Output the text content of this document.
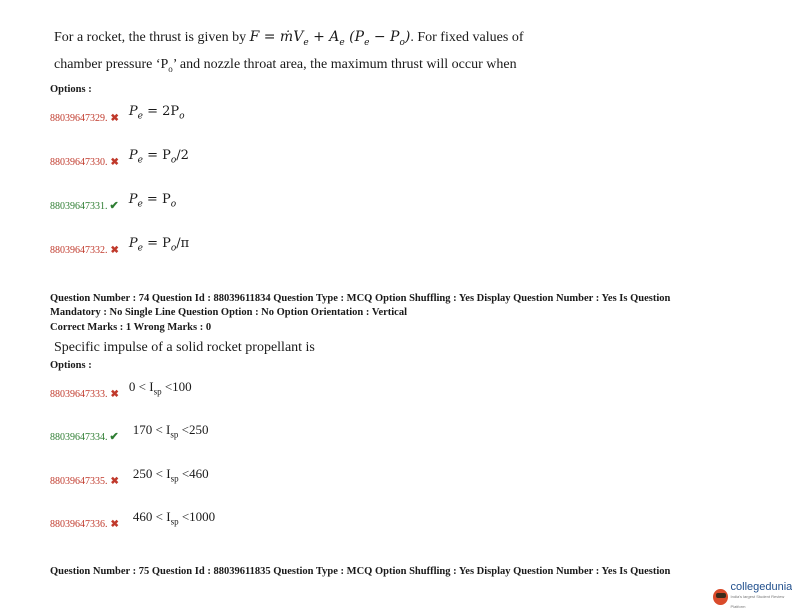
For a rocket, the thrust is given by F = ṁV$_e$ + $A_e$ $(P_e - P_o)$. For fixed values of
chamber pressure ‘$P_o$’ and nozzle throat area, the maximum thrust will occur when
Options :
88039647329. ✖ $^{P_e = 2P_o}$
88039647330. ✖ $^{P_e = P_o/2}$
88039647331. ✔ $^{P_e = P_o}$
88039647332. ✖ $^{P_e = P_o/\pi}$
Question Number : 74 Question Id : 88039611834 Question Type : MCQ Option Shuffling : Yes Display Question Number : Yes Is Question
Mandatory : No Single Line Question Option : No Option Orientation : Vertical
Correct Marks : 1 Wrong Marks : 0
Specific impulse of a solid rocket propellant is
Options :
88039647333. ✖ $^{0 < I_{sp} <100}$
88039647334. ✔ $^{170 < I_{sp} <250}$
88039647335. ✖ $^{250 < I_{sp} <460}$
88039647336. ✖ $^{460 < I_{sp} <1000}$
Question Number : 75 Question Id : 88039611835 Question Type : MCQ Option Shuffling : Yes Display Question Number : Yes Is Question
collegedunia
India's largest Student Review Platform
